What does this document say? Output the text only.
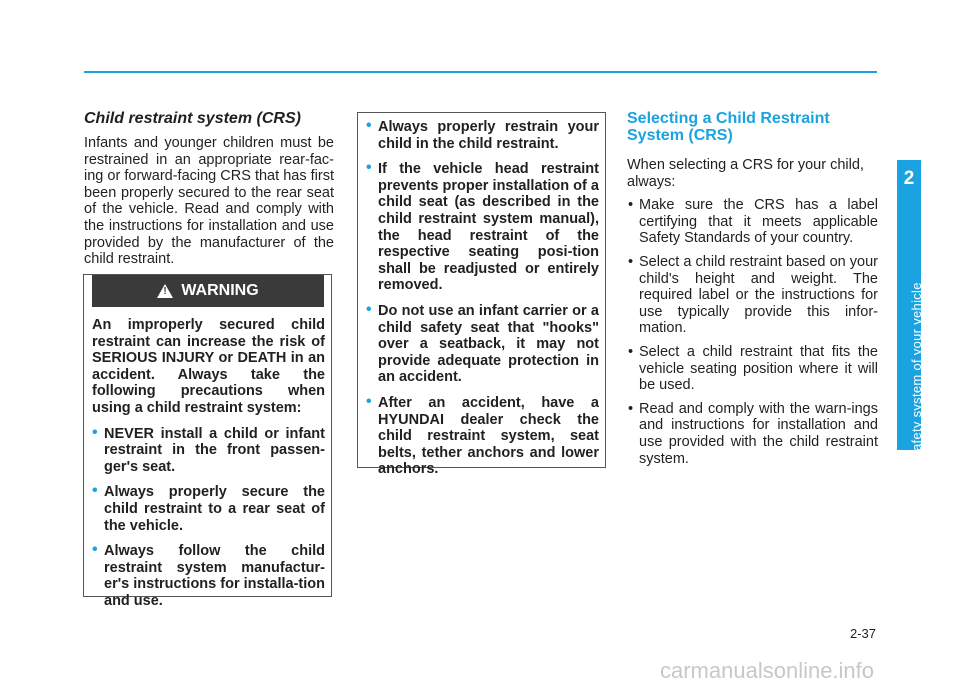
Child restraint system (CRS)

Infants and younger children must be restrained in an appropriate rear-fac-ing or forward-facing CRS that has first been properly secured to the rear seat of the vehicle. Read and comply with the instructions for installation and use provided by the manufacturer of the child restraint.

!
WARNING
An improperly secured child restraint can increase the risk of SERIOUS INJURY or DEATH in an accident. Always take the following precautions when using a child restraint system:
• NEVER install a child or infant restraint in the front passen-ger's seat.
• Always properly secure the child restraint to a rear seat of the vehicle.
• Always follow the child restraint system manufactur-er's instructions for installa-tion and use.
• Always properly restrain your child in the child restraint.
• If the vehicle head restraint prevents proper installation of a child seat (as described in the child restraint system manual), the head restraint of the respective seating posi-tion shall be readjusted or entirely removed.
• Do not use an infant carrier or a child safety seat that "hooks" over a seatback, it may not provide adequate protection in an accident.
• After an accident, have a HYUNDAI dealer check the child restraint system, seat belts, tether anchors and lower anchors.
Selecting a Child Restraint System (CRS)

When selecting a CRS for your child, always:

• Make sure the CRS has a label certifying that it meets applicable Safety Standards of your country.
• Select a child restraint based on your child's height and weight. The required label or the instructions for use typically provide this infor-mation.
• Select a child restraint that fits the vehicle seating position where it will be used.
• Read and comply with the warn-ings and instructions for installation and use provided with the child restraint system.
2
Safety system of your vehicle
2-37
carmanualsonline.info
